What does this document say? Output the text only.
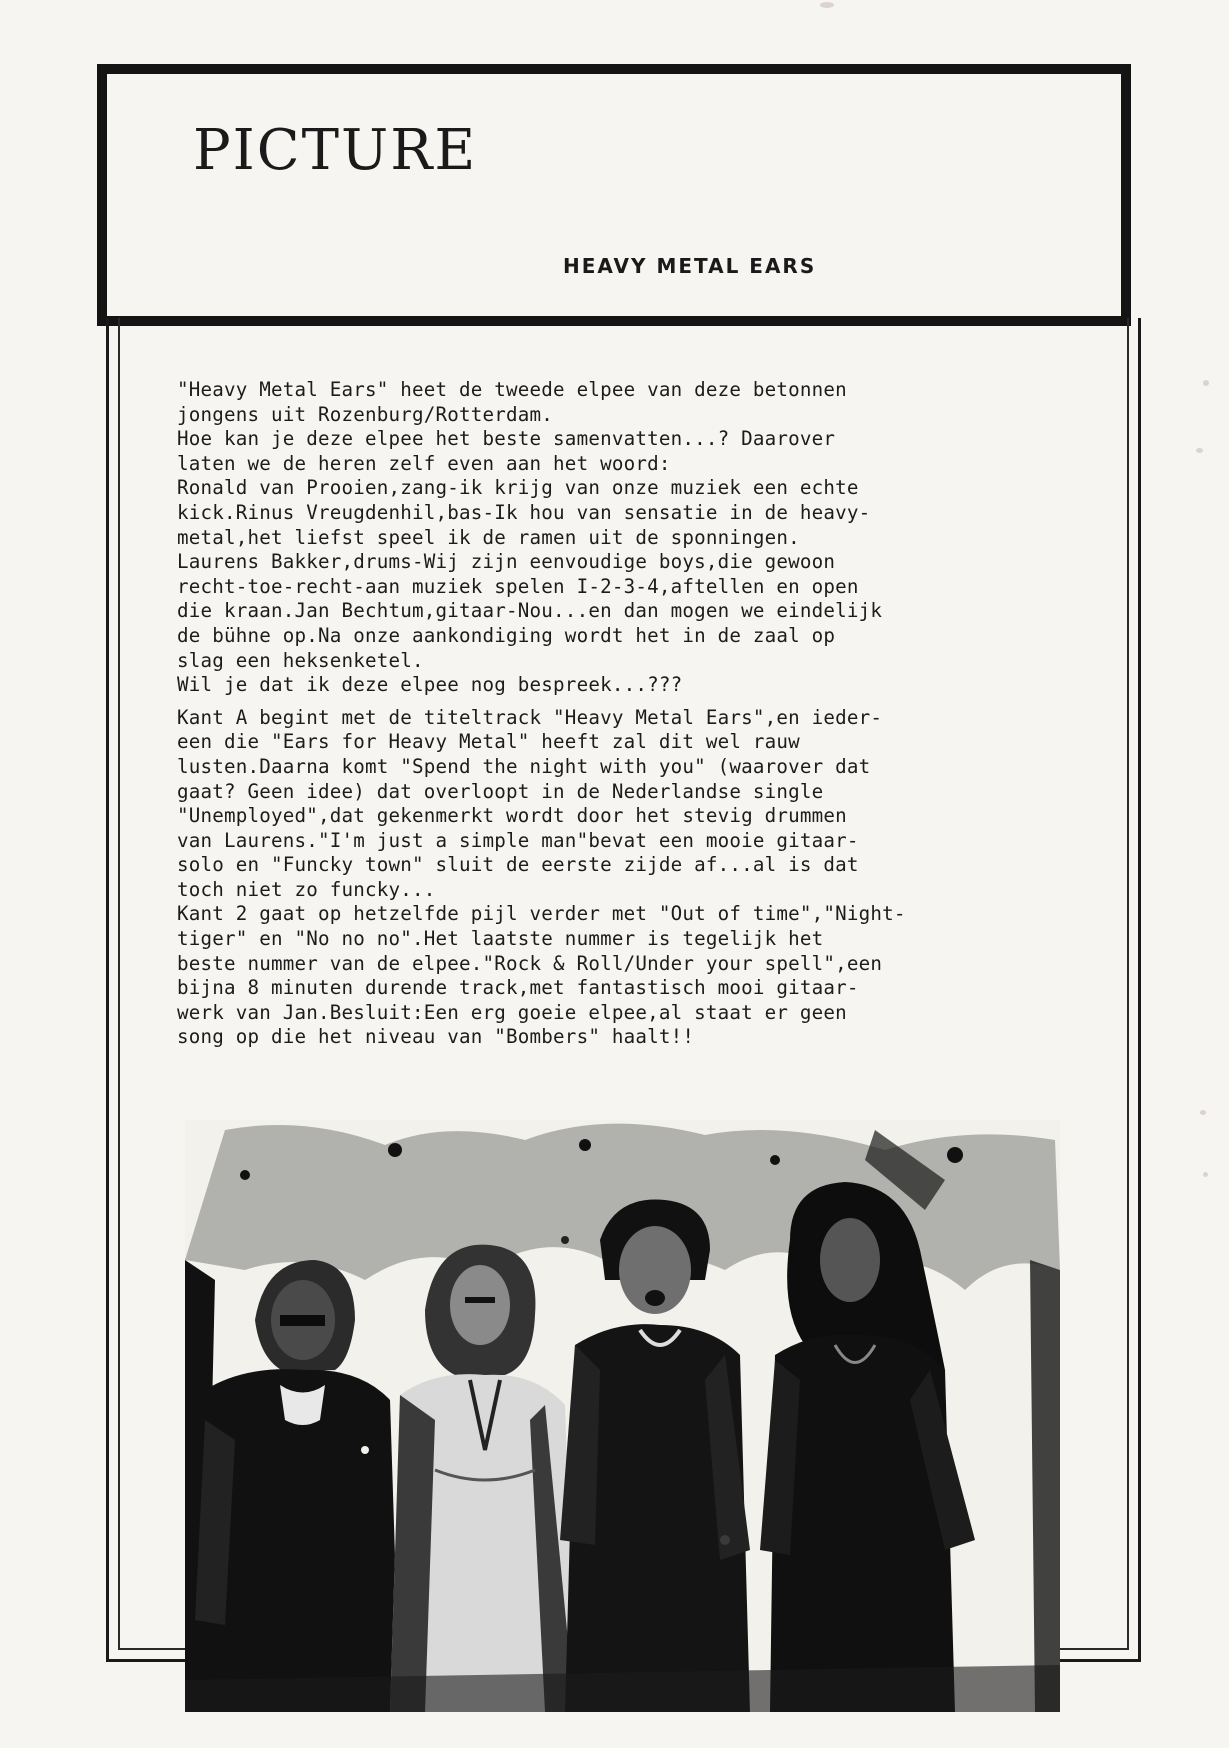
PICTURE
HEAVY METAL EARS

"Heavy Metal Ears" heet de tweede elpee van deze betonnen
jongens uit Rozenburg/Rotterdam.
Hoe kan je deze elpee het beste samenvatten...? Daarover
laten we de heren zelf even aan het woord:
Ronald van Prooien,zang-ik krijg van onze muziek een echte
kick.Rinus Vreugdenhil,bas-Ik hou van sensatie in de heavy-
metal,het liefst speel ik de ramen uit de sponningen.
Laurens Bakker,drums-Wij zijn eenvoudige boys,die gewoon
recht-toe-recht-aan muziek spelen I-2-3-4,aftellen en open
die kraan.Jan Bechtum,gitaar-Nou...en dan mogen we eindelijk
de bühne op.Na onze aankondiging wordt het in de zaal op
slag een heksenketel.
Wil je dat ik deze elpee nog bespreek...???

Kant A begint met de titeltrack "Heavy Metal Ears",en ieder-
een die "Ears for Heavy Metal" heeft zal dit wel rauw
lusten.Daarna komt "Spend the night with you" (waarover dat
gaat? Geen idee) dat overloopt in de Nederlandse single
"Unemployed",dat gekenmerkt wordt door het stevig drummen
van Laurens."I'm just a simple man"bevat een mooie gitaar-
solo en "Funcky town" sluit de eerste zijde af...al is dat
toch niet zo funcky...
Kant 2 gaat op hetzelfde pijl verder met "Out of time","Night-
tiger" en "No no no".Het laatste nummer is tegelijk het
beste nummer van de elpee."Rock & Roll/Under your spell",een
bijna 8 minuten durende track,met fantastisch mooi gitaar-
werk van Jan.Besluit:Een erg goeie elpee,al staat er geen
song op die het niveau van "Bombers" haalt!!
